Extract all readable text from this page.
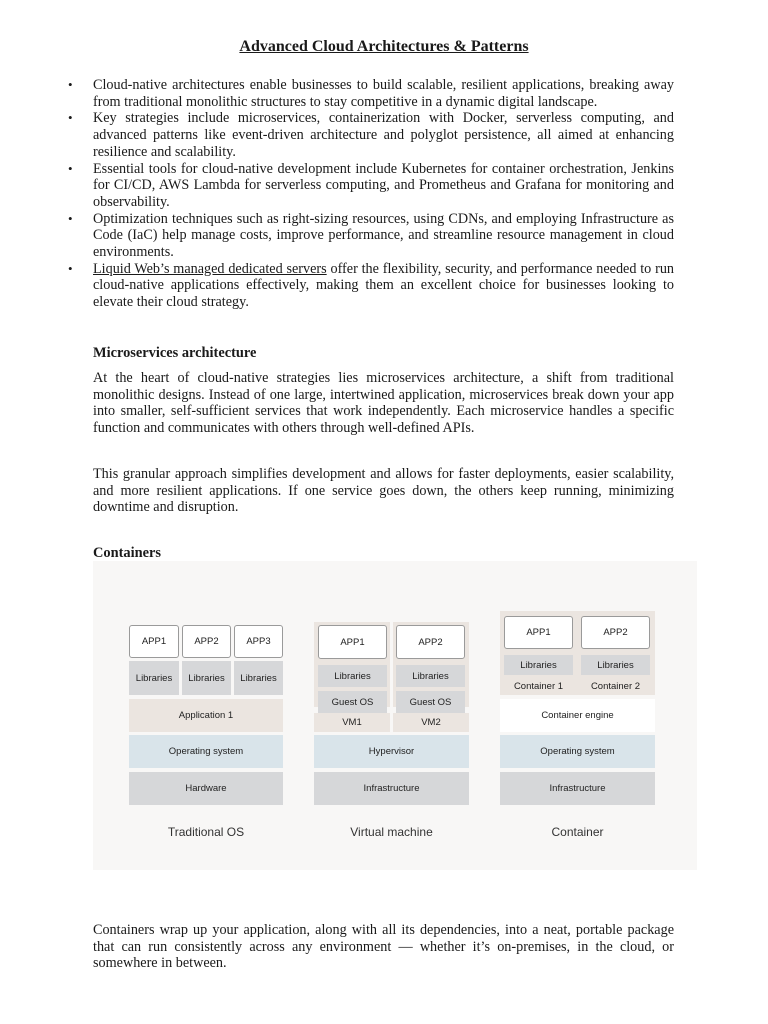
Advanced Cloud Architectures & Patterns
• Cloud-native architectures enable businesses to build scalable, resilient applications, breaking away from traditional monolithic structures to stay competitive in a dynamic digital landscape.
• Key strategies include microservices, containerization with Docker, serverless computing, and advanced patterns like event-driven architecture and polyglot persistence, all aimed at enhancing resilience and scalability.
• Essential tools for cloud-native development include Kubernetes for container orchestration, Jenkins for CI/CD, AWS Lambda for serverless computing, and Prometheus and Grafana for monitoring and observability.
• Optimization techniques such as right-sizing resources, using CDNs, and employing Infrastructure as Code (IaC) help manage costs, improve performance, and streamline resource management in cloud environments.
• Liquid Web’s managed dedicated servers offer the flexibility, security, and performance needed to run cloud-native applications effectively, making them an excellent choice for businesses looking to elevate their cloud strategy.
Microservices architecture

At the heart of cloud-native strategies lies microservices architecture, a shift from traditional monolithic designs. Instead of one large, intertwined application, microservices break down your app into smaller, self-sufficient services that work independently. Each microservice handles a specific function and communicates with others through well-defined APIs.

This granular approach simplifies development and allows for faster deployments, easier scalability, and more resilient applications. If one service goes down, the others keep running, minimizing downtime and disruption.

Containers
APP1	APP2	APP3
Libraries	Libraries	Libraries
Application 1
Operating system
Hardware
Traditional OS
APP1	APP2
Libraries	Libraries
Guest OS	Guest OS
VM1	VM2
Hypervisor
Infrastructure
Virtual machine
APP1	APP2
Libraries	Libraries
Container 1	Container 2
Container engine
Operating system
Infrastructure
Container

Containers wrap up your application, along with all its dependencies, into a neat, portable package that can run consistently across any environment — whether it’s on-premises, in the cloud, or somewhere in between.
